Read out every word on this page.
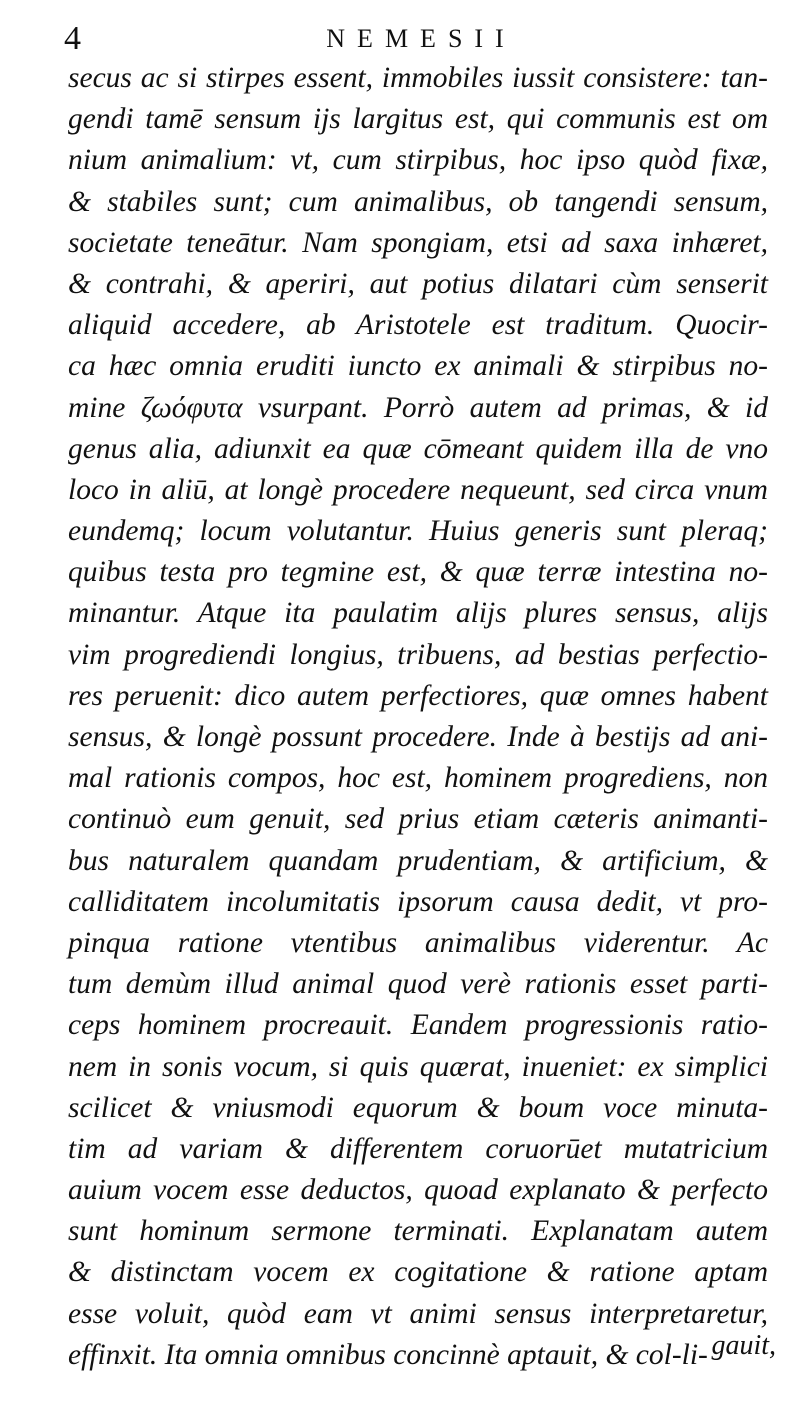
4	NEMESII
secus ac si stirpes essent, immobiles iussit consistere: tan-
gendi tamē sensum ijs largitus est, qui communis est om
nium animalium: vt, cum stirpibus, hoc ipso quòd fixæ,
& stabiles sunt; cum animalibus, ob tangendi sensum,
societate teneātur. Nam spongiam, etsi ad saxa inhæret,
& contrahi, & aperiri, aut potius dilatari cùm senserit
aliquid accedere, ab Aristotele est traditum. Quocir-
ca hæc omnia eruditi iuncto ex animali & stirpibus no-
mine ζωόφυτα vsurpant. Porrò autem ad primas, & id
genus alia, adiunxit ea quæ cōmeant quidem illa de vno
loco in aliū, at longè procedere nequeunt, sed circa vnum
eundemq; locum volutantur. Huius generis sunt pleraq;
quibus testa pro tegmine est, & quæ terræ intestina no-
minantur. Atque ita paulatim alijs plures sensus, alijs
vim progrediendi longius, tribuens, ad bestias perfectio-
res peruenit: dico autem perfectiores, quæ omnes habent
sensus, & longè possunt procedere. Inde à bestijs ad ani-
mal rationis compos, hoc est, hominem progrediens, non
continuò eum genuit, sed prius etiam cæteris animanti-
bus naturalem quandam prudentiam, & artificium, &
calliditatem incolumitatis ipsorum causa dedit, vt pro-
pinqua ratione vtentibus animalibus viderentur. Ac
tum demùm illud animal quod verè rationis esset parti-
ceps hominem procreauit. Eandem progressionis ratio-
nem in sonis vocum, si quis quærat, inueniet: ex simplici
scilicet & vniusmodi equorum & boum voce minuta-
tim ad variam & differentem coruorūet mutatricium
auium vocem esse deductos, quoad explanato & perfecto
sunt hominum sermone terminati. Explanatam autem
& distinctam vocem ex cogitatione & ratione aptam
esse voluit, quòd eam vt animi sensus interpretaretur,
effinxit. Ita omnia omnibus concinnè aptauit, & col-li- gauit,
